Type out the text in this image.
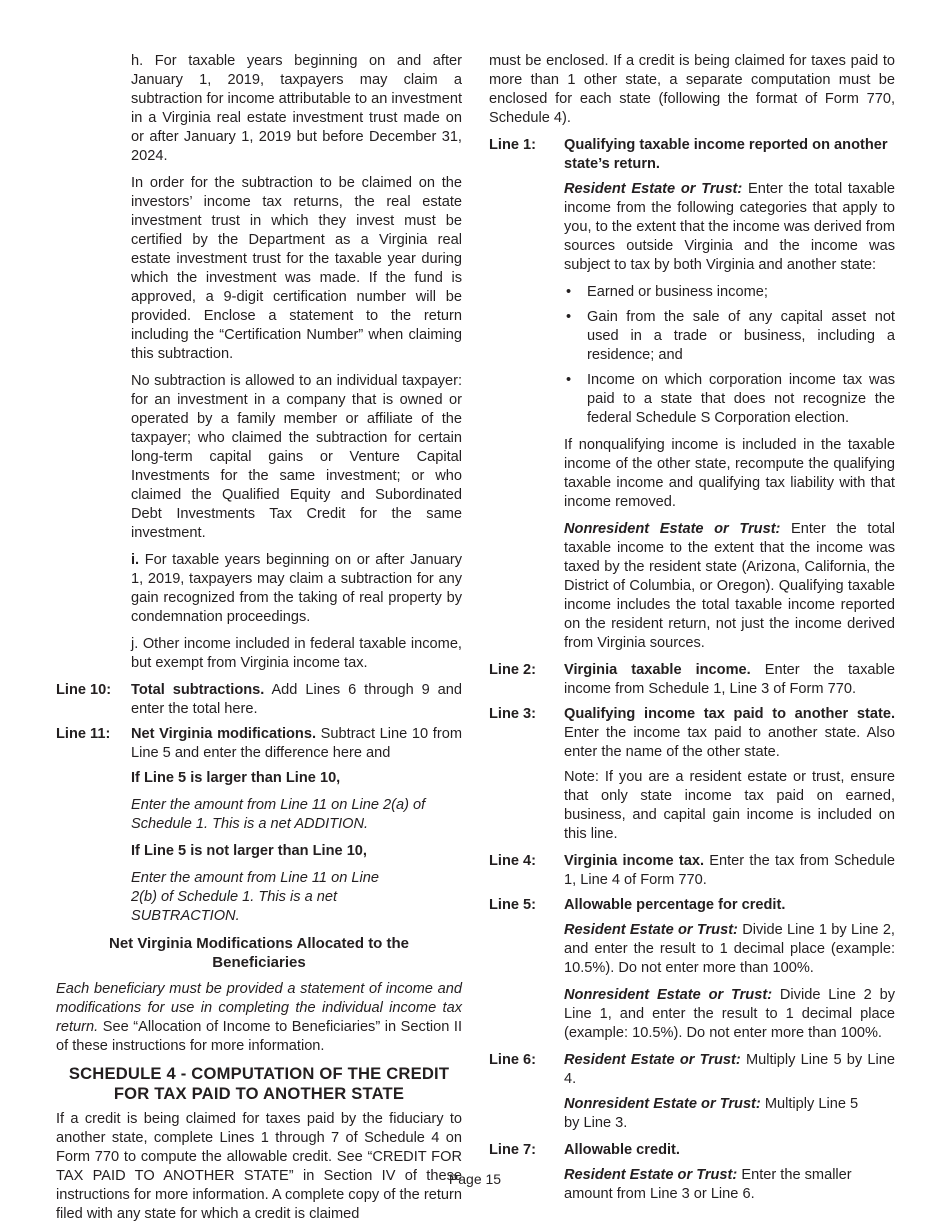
h. For taxable years beginning on and after January 1, 2019, taxpayers may claim a subtraction for income attributable to an investment in a Virginia real estate investment trust made on or after January 1, 2019 but before December 31, 2024.

In order for the subtraction to be claimed on the investors’ income tax returns, the real estate investment trust in which they invest must be certified by the Department as a Virginia real estate investment trust for the taxable year during which the investment was made. If the fund is approved, a 9-digit certification number will be provided. Enclose a statement to the return including the “Certification Number” when claiming this subtraction.

No subtraction is allowed to an individual taxpayer: for an investment in a company that is owned or operated by a family member or affiliate of the taxpayer; who claimed the subtraction for certain long-term capital gains or Venture Capital Investments for the same investment; or who claimed the Qualified Equity and Subordinated Debt Investments Tax Credit for the same investment.

i. For taxable years beginning on or after January 1, 2019, taxpayers may claim a subtraction for any gain recognized from the taking of real property by condemnation proceedings.

j. Other income included in federal taxable income, but exempt from Virginia income tax.

Line 10:	Total subtractions. Add Lines 6 through 9 and enter the total here.
Line 11:	Net Virginia modifications. Subtract Line 10 from Line 5 and enter the difference here and

If Line 5 is larger than Line 10,

Enter the amount from Line 11 on Line 2(a) of Schedule 1. This is a net ADDITION.

If Line 5 is not larger than Line 10,

Enter the amount from Line 11 on Line 2(b) of Schedule 1. This is a net SUBTRACTION.

Net Virginia Modifications Allocated to the Beneficiaries

Each beneficiary must be provided a statement of income and modifications for use in completing the individual income tax return. See “Allocation of Income to Beneficiaries” in Section II of these instructions for more information.

SCHEDULE 4 - COMPUTATION OF THE CREDIT FOR TAX PAID TO ANOTHER STATE

If a credit is being claimed for taxes paid by the fiduciary to another state, complete Lines 1 through 7 of Schedule 4 on Form 770 to compute the allowable credit. See “CREDIT FOR TAX PAID TO ANOTHER STATE” in Section IV of these instructions for more information. A complete copy of the return filed with any state for which a credit is claimed

must be enclosed. If a credit is being claimed for taxes paid to more than 1 other state, a separate computation must be enclosed for each state (following the format of Form 770, Schedule 4).

Line 1:	Qualifying taxable income reported on another state’s return.

Resident Estate or Trust: Enter the total taxable income from the following categories that apply to you, to the extent that the income was derived from sources outside Virginia and the income was subject to tax by both Virginia and another state:

• Earned or business income;
• Gain from the sale of any capital asset not used in a trade or business, including a residence; and
• Income on which corporation income tax was paid to a state that does not recognize the federal Schedule S Corporation election.

If nonqualifying income is included in the taxable income of the other state, recompute the qualifying taxable income and qualifying tax liability with that income removed.

Nonresident Estate or Trust: Enter the total taxable income to the extent that the income was taxed by the resident state (Arizona, California, the District of Columbia, or Oregon). Qualifying taxable income includes the total taxable income reported on the resident return, not just the income derived from Virginia sources.

Line 2:	Virginia taxable income. Enter the taxable income from Schedule 1, Line 3 of Form 770.
Line 3:	Qualifying income tax paid to another state. Enter the income tax paid to another state. Also enter the name of the other state.

Note: If you are a resident estate or trust, ensure that only state income tax paid on earned, business, and capital gain income is included on this line.

Line 4:	Virginia income tax. Enter the tax from Schedule 1, Line 4 of Form 770.
Line 5:	Allowable percentage for credit.

Resident Estate or Trust: Divide Line 1 by Line 2, and enter the result to 1 decimal place (example: 10.5%). Do not enter more than 100%.

Nonresident Estate or Trust: Divide Line 2 by Line 1, and enter the result to 1 decimal place (example: 10.5%). Do not enter more than 100%.

Line 6:	Resident Estate or Trust: Multiply Line 5 by Line 4.

Nonresident Estate or Trust: Multiply Line 5 by Line 3.

Line 7:	Allowable credit.

Resident Estate or Trust: Enter the smaller amount from Line 3 or Line 6.

Page 15
